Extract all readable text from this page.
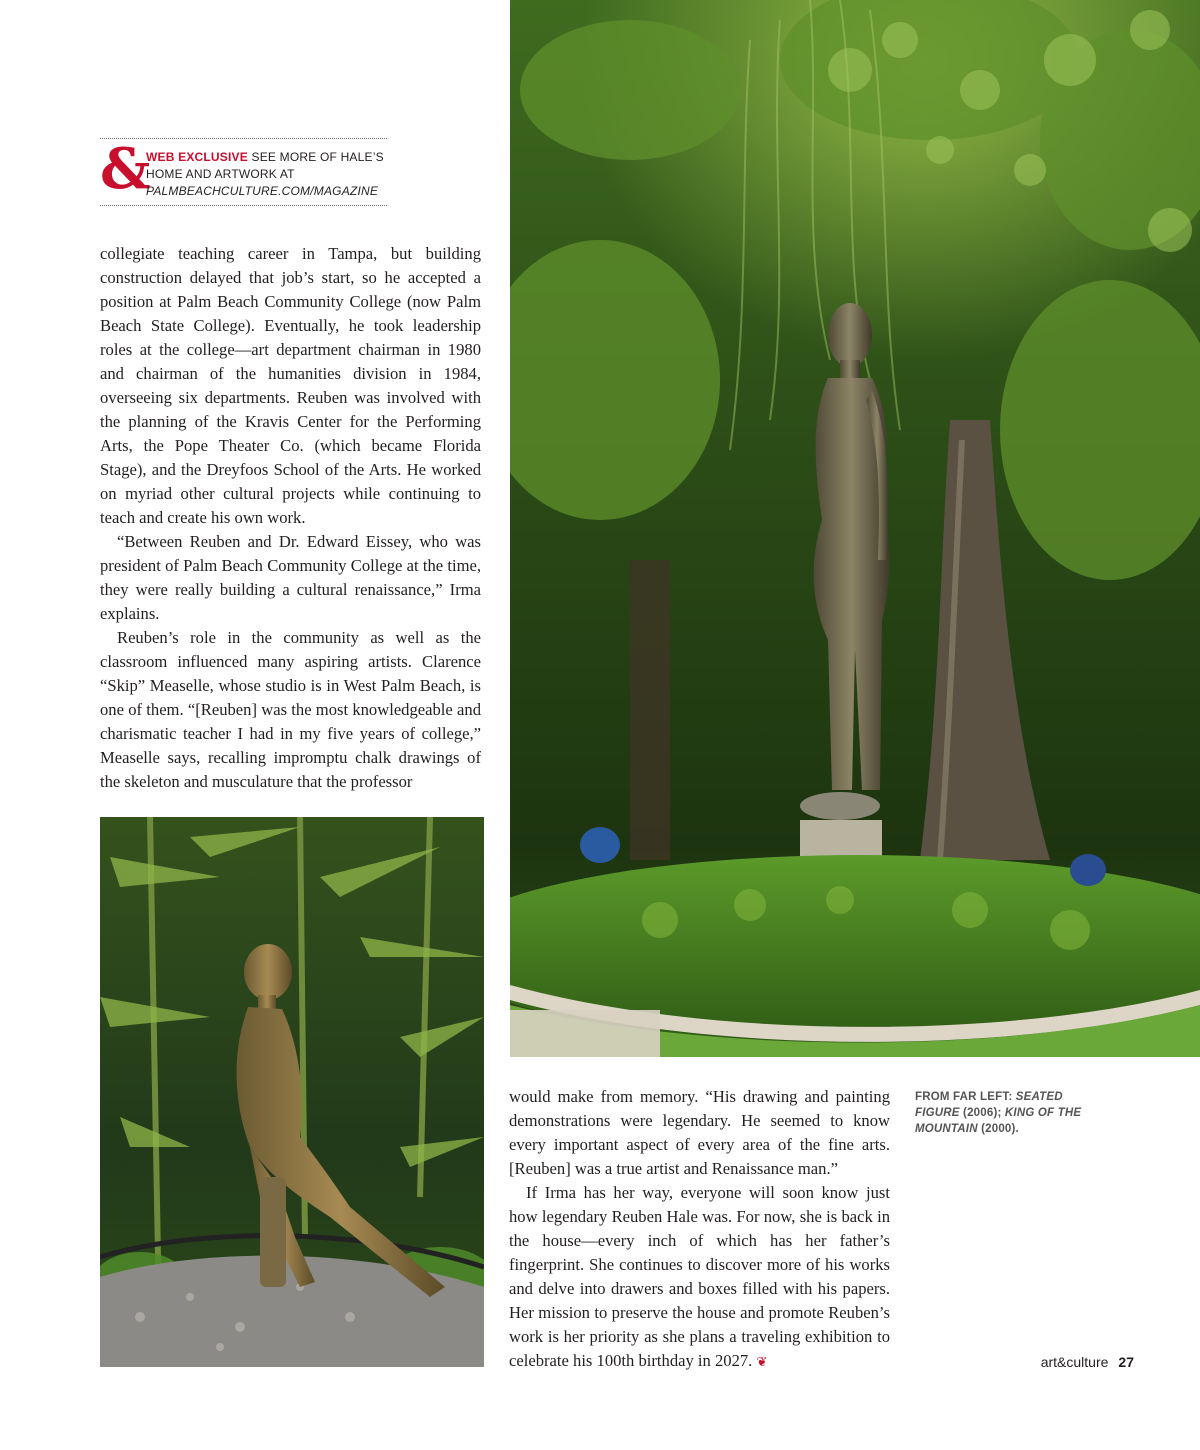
&
WEB EXCLUSIVE SEE MORE OF HALE’S HOME AND ARTWORK AT PALMBEACHCULTURE.COM/MAGAZINE

collegiate teaching career in Tampa, but building construction delayed that job’s start, so he accepted a position at Palm Beach Community College (now Palm Beach State College). Eventually, he took leadership roles at the college—art department chairman in 1980 and chairman of the humanities division in 1984, overseeing six departments. Reuben was involved with the planning of the Kravis Center for the Performing Arts, the Pope Theater Co. (which became Florida Stage), and the Dreyfoos School of the Arts. He worked on myriad other cultural projects while continuing to teach and create his own work.

“Between Reuben and Dr. Edward Eissey, who was president of Palm Beach Community College at the time, they were really building a cultural renaissance,” Irma explains.

Reuben’s role in the community as well as the classroom influenced many aspiring artists. Clarence “Skip” Measelle, whose studio is in West Palm Beach, is one of them. “[Reuben] was the most knowledgeable and charismatic teacher I had in my five years of college,” Measelle says, recalling impromptu chalk drawings of the skeleton and musculature that the professor

would make from memory. “His drawing and painting demonstrations were legendary. He seemed to know every important aspect of every area of the fine arts. [Reuben] was a true artist and Renaissance man.”

If Irma has her way, everyone will soon know just how legendary Reuben Hale was. For now, she is back in the house—every inch of which has her father’s fingerprint. She continues to discover more of his works and delve into drawers and boxes filled with his papers. Her mission to preserve the house and promote Reuben’s work is her priority as she plans a traveling exhibition to celebrate his 100th birthday in 2027. ❦

FROM FAR LEFT: SEATED FIGURE (2006); KING OF THE MOUNTAIN (2000).
art&culture 27
